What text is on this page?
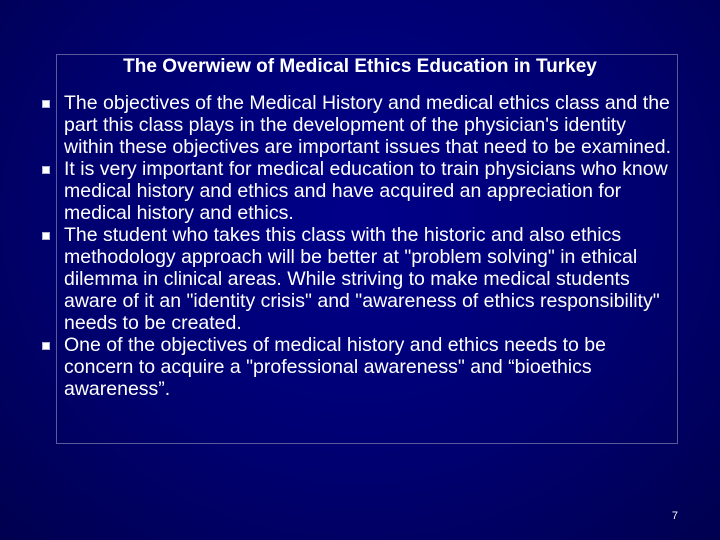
The Overwiew of Medical Ethics Education in Turkey
The objectives of the Medical History and medical ethics class and the part this class plays in the development of the physician's identity within these objectives are important issues that need to be examined.
It is very important for medical education to train physicians who know medical history and ethics and have acquired an appreciation for medical history and ethics.
The student who takes this class with the historic and also ethics methodology approach will be better at "problem solving" in ethical dilemma in clinical areas. While striving to make medical students aware of it an "identity crisis" and "awareness of ethics responsibility" needs to be created.
One of the objectives of medical history and ethics needs to be concern to acquire a "professional awareness" and “bioethics awareness”.
7
